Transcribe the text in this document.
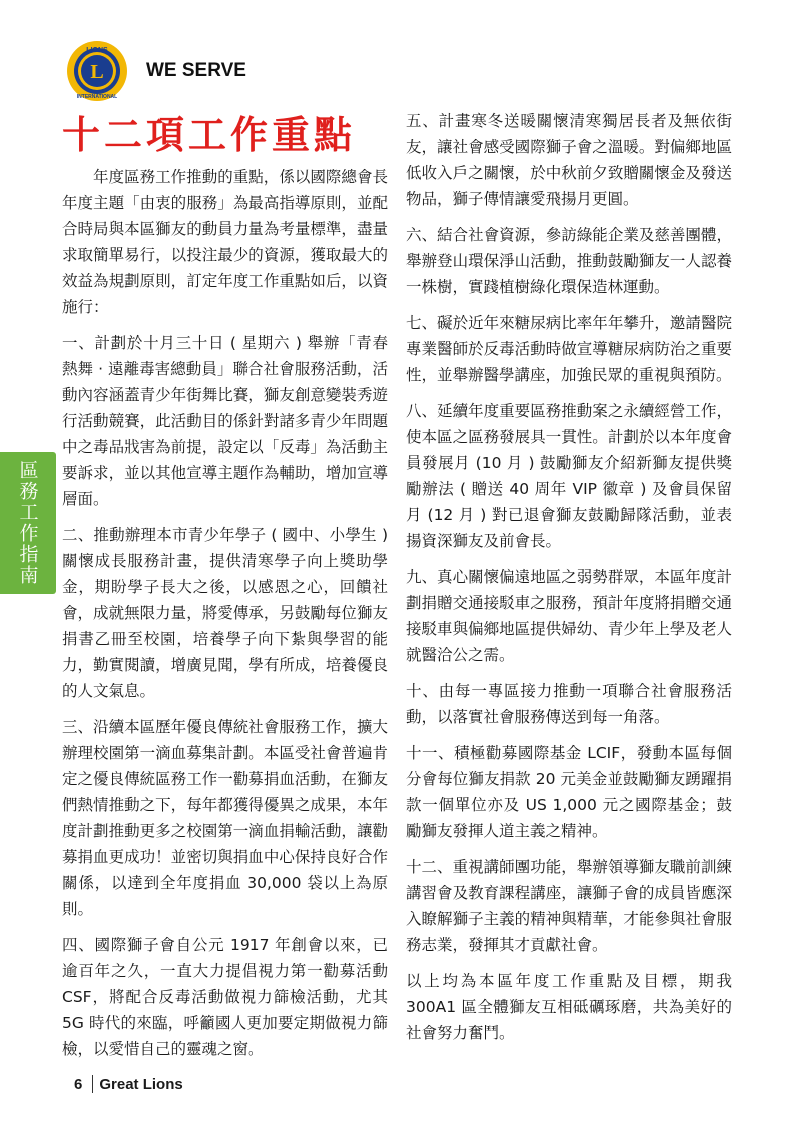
L
LIONS
INTERNATIONAL
WE SERVE
十二項工作重點

年度區務工作推動的重點，係以國際總會長年度主題「由衷的服務」為最高指導原則，並配合時局與本區獅友的動員力量為考量標準，盡量求取簡單易行，以投注最少的資源，獲取最大的效益為規劃原則，訂定年度工作重點如后，以資施行：

一、計劃於十月三十日 ( 星期六 ) 舉辦「青春熱舞 ‧ 遠離毒害總動員」聯合社會服務活動，活動內容涵蓋青少年街舞比賽，獅友創意變裝秀遊行活動競賽，此活動目的係針對諸多青少年問題中之毒品戕害為前提，設定以「反毒」為活動主要訴求，並以其他宣導主題作為輔助，增加宣導層面。

二、推動辦理本市青少年學子 ( 國中、小學生 ) 關懷成長服務計畫，提供清寒學子向上獎助學金，期盼學子長大之後，以感恩之心，回饋社會，成就無限力量，將愛傳承，另鼓勵每位獅友捐書乙冊至校園，培養學子向下紮與學習的能力，勤實閱讀，增廣見聞，學有所成，培養優良的人文氣息。

三、沿續本區歷年優良傳統社會服務工作，擴大辦理校園第一滴血募集計劃。本區受社會普遍肯定之優良傳統區務工作一勸募捐血活動，在獅友們熱情推動之下，每年都獲得優異之成果，本年度計劃推動更多之校園第一滴血捐輸活動，讓勸募捐血更成功！並密切與捐血中心保持良好合作關係，以達到全年度捐血 30,000 袋以上為原則。

四、國際獅子會自公元 1917 年創會以來，已逾百年之久，一直大力提倡視力第一勸募活動 CSF，將配合反毒活動做視力篩檢活動，尤其 5G 時代的來臨，呼籲國人更加要定期做視力篩檢，以愛惜自己的靈魂之窗。

五、計畫寒冬送暖關懷清寒獨居長者及無依街友，讓社會感受國際獅子會之溫暖。對偏鄉地區低收入戶之關懷，於中秋前夕致贈關懷金及發送物品，獅子傳情讓愛飛揚月更圓。

六、結合社會資源，參訪綠能企業及慈善團體，舉辦登山環保淨山活動，推動鼓勵獅友一人認養一株樹，實踐植樹綠化環保造林運動。

七、礙於近年來糖尿病比率年年攀升，邀請醫院專業醫師於反毒活動時做宣導糖尿病防治之重要性，並舉辦醫學講座，加強民眾的重視與預防。

八、延續年度重要區務推動案之永續經營工作，使本區之區務發展具一貫性。計劃於以本年度會員發展月 (10 月 ) 鼓勵獅友介紹新獅友提供獎勵辦法 ( 贈送 40 周年 VIP 徽章 ) 及會員保留月 (12 月 ) 對已退會獅友鼓勵歸隊活動，並表揚資深獅友及前會長。

九、真心關懷偏遠地區之弱勢群眾，本區年度計劃捐贈交通接駁車之服務，預計年度將捐贈交通接駁車與偏鄉地區提供婦幼、青少年上學及老人就醫洽公之需。

十、由每一專區接力推動一項聯合社會服務活動，以落實社會服務傳送到每一角落。

十一、積極勸募國際基金 LCIF，發動本區每個分會每位獅友捐款 20 元美金並鼓勵獅友踴躍捐款一個單位亦及 US 1,000 元之國際基金；鼓勵獅友發揮人道主義之精神。

十二、重視講師團功能，舉辦領導獅友職前訓練講習會及教育課程講座，讓獅子會的成員皆應深入瞭解獅子主義的精神與精華，才能參與社會服務志業，發揮其才貢獻社會。

以上均為本區年度工作重點及目標，期我 300A1 區全體獅友互相砥礪琢磨，共為美好的社會努力奮鬥。

區務工作指南
6 Great Lions
